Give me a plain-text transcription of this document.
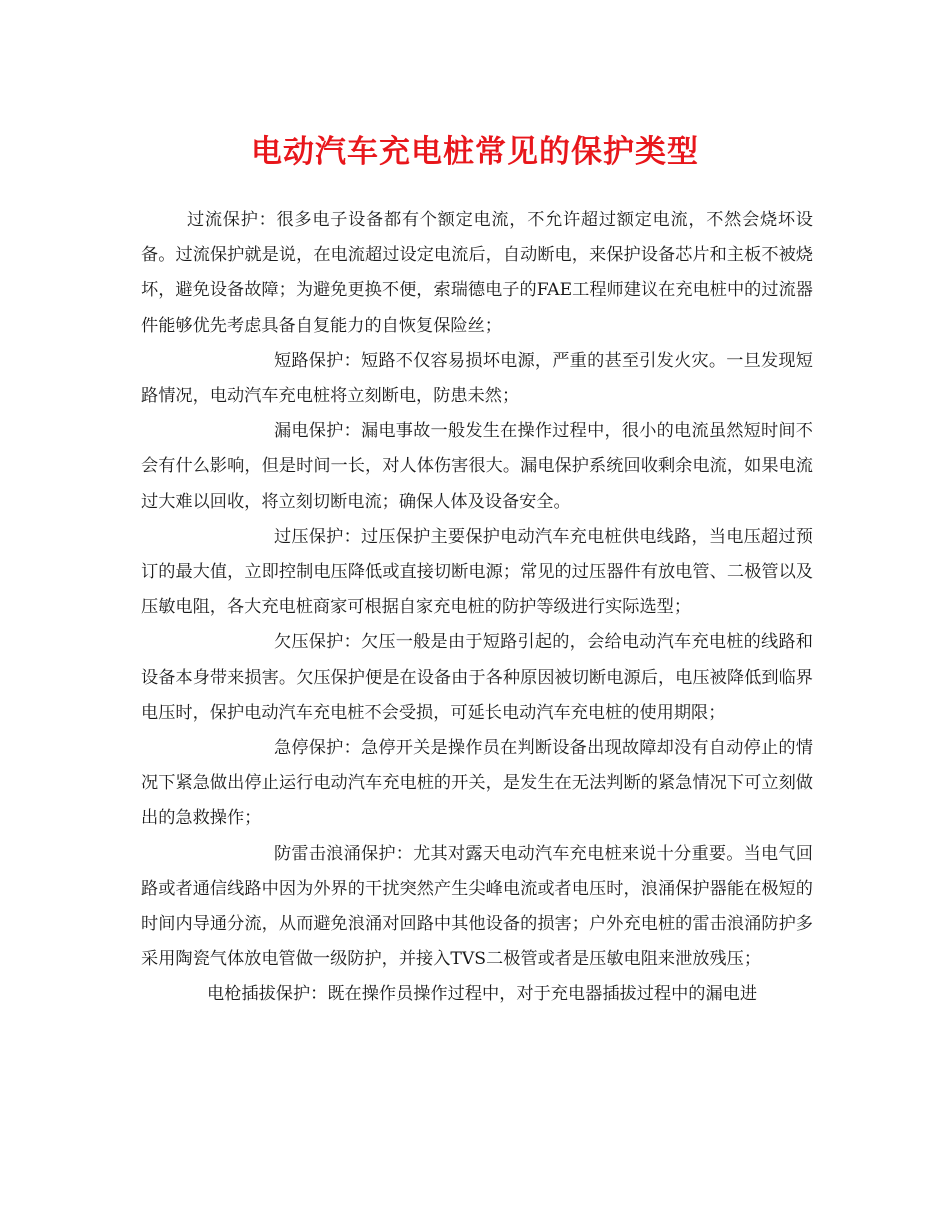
电动汽车充电桩常见的保护类型

过流保护：很多电子设备都有个额定电流，不允许超过额定电流，不然会烧坏设备。过流保护就是说，在电流超过设定电流后，自动断电，来保护设备芯片和主板不被烧坏，避免设备故障；为避免更换不便，索瑞德电子的FAE工程师建议在充电桩中的过流器件能够优先考虑具备自复能力的自恢复保险丝；

短路保护：短路不仅容易损坏电源，严重的甚至引发火灾。一旦发现短路情况，电动汽车充电桩将立刻断电，防患未然；

漏电保护：漏电事故一般发生在操作过程中，很小的电流虽然短时间不会有什么影响，但是时间一长，对人体伤害很大。漏电保护系统回收剩余电流，如果电流过大难以回收，将立刻切断电流；确保人体及设备安全。

过压保护：过压保护主要保护电动汽车充电桩供电线路，当电压超过预订的最大值，立即控制电压降低或直接切断电源；常见的过压器件有放电管、二极管以及压敏电阻，各大充电桩商家可根据自家充电桩的防护等级进行实际选型；

欠压保护：欠压一般是由于短路引起的，会给电动汽车充电桩的线路和设备本身带来损害。欠压保护便是在设备由于各种原因被切断电源后，电压被降低到临界电压时，保护电动汽车充电桩不会受损，可延长电动汽车充电桩的使用期限；

急停保护：急停开关是操作员在判断设备出现故障却没有自动停止的情况下紧急做出停止运行电动汽车充电桩的开关，是发生在无法判断的紧急情况下可立刻做出的急救操作；

防雷击浪涌保护：尤其对露天电动汽车充电桩来说十分重要。当电气回路或者通信线路中因为外界的干扰突然产生尖峰电流或者电压时，浪涌保护器能在极短的时间内导通分流，从而避免浪涌对回路中其他设备的损害；户外充电桩的雷击浪涌防护多采用陶瓷气体放电管做一级防护，并接入TVS二极管或者是压敏电阻来泄放残压；

电枪插拔保护：既在操作员操作过程中，对于充电器插拔过程中的漏电进
